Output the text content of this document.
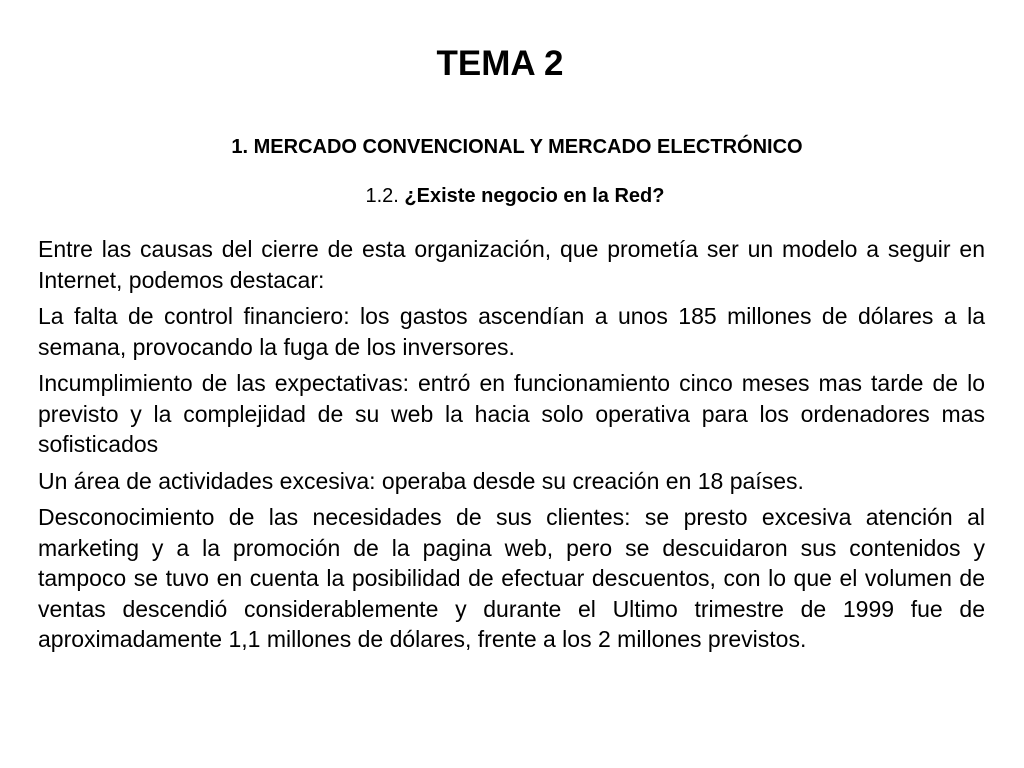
TEMA 2
1. MERCADO CONVENCIONAL Y MERCADO ELECTRÓNICO
1.2. ¿Existe negocio en la Red?

Entre las causas del cierre de esta organización, que prometía ser un modelo a seguir en Internet, podemos destacar:

La falta de control financiero: los gastos ascendían a unos 185 millones de dólares a la semana, provocando la fuga de los inversores.

Incumplimiento de las expectativas: entró en funcionamiento cinco meses mas tarde de lo previsto y la complejidad de su web la hacia solo operativa para los ordenadores mas sofisticados

Un área de actividades excesiva: operaba desde su creación en 18 países.

Desconocimiento de las necesidades de sus clientes: se presto excesiva atención al marketing y a la promoción de la pagina web, pero se descuidaron sus contenidos y tampoco se tuvo en cuenta la posibilidad de efectuar descuentos, con lo que el volumen de ventas descendió considerablemente y durante el Ultimo trimestre de 1999 fue de aproximadamente 1,1 millones de dólares, frente a los 2 millones previstos.
